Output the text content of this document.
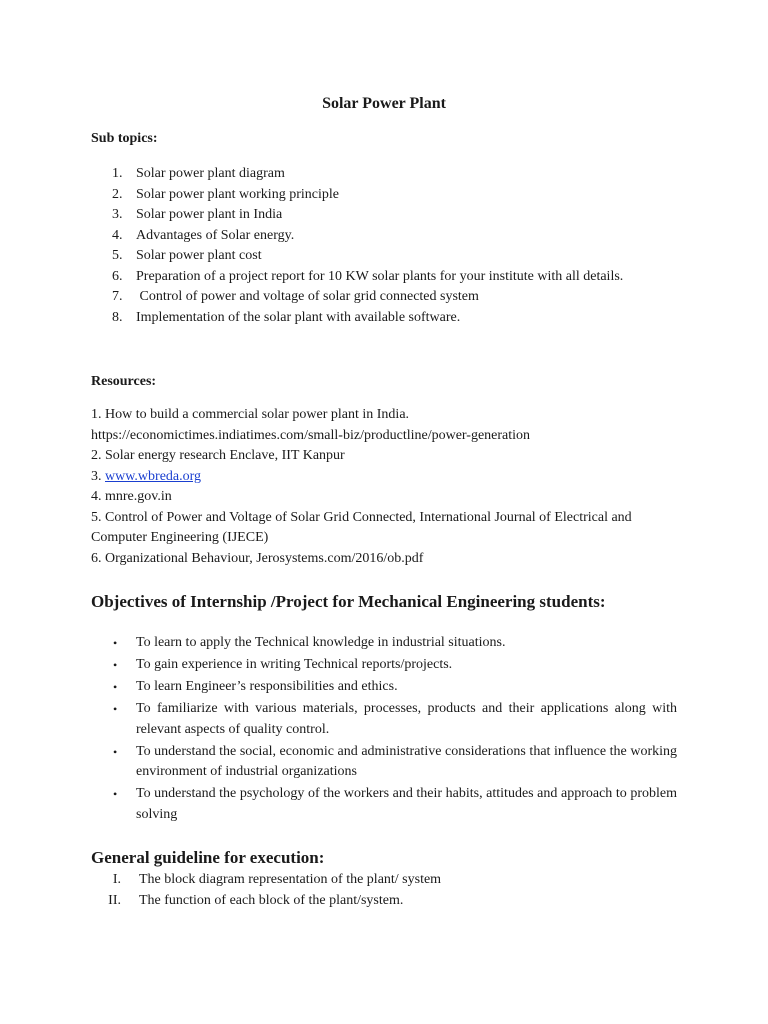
Solar Power Plant
Sub topics:
1. Solar power plant diagram
2. Solar power plant working principle
3. Solar power plant in India
4. Advantages of Solar energy.
5. Solar power plant cost
6. Preparation of a project report for 10 KW solar plants for your institute with all details.
7. Control of power and voltage of solar grid connected system
8. Implementation of the solar plant with available software.
Resources:
1. How to build a commercial solar power plant in India.
https://economictimes.indiatimes.com/small-biz/productline/power-generation
2. Solar energy research Enclave, IIT Kanpur
3. www.wbreda.org
4. mnre.gov.in
5. Control of Power and Voltage of Solar Grid Connected, International Journal of Electrical and
Computer Engineering (IJECE)
6. Organizational Behaviour, Jerosystems.com/2016/ob.pdf
Objectives of Internship /Project for Mechanical Engineering students:
• To learn to apply the Technical knowledge in industrial situations.
• To gain experience in writing Technical reports/projects.
• To learn Engineer’s responsibilities and ethics.
• To familiarize with various materials, processes, products and their applications along with relevant aspects of quality control.
• To understand the social, economic and administrative considerations that influence the working environment of industrial organizations
• To understand the psychology of the workers and their habits, attitudes and approach to problem solving
General guideline for execution:
I. The block diagram representation of the plant/ system
II. The function of each block of the plant/system.
